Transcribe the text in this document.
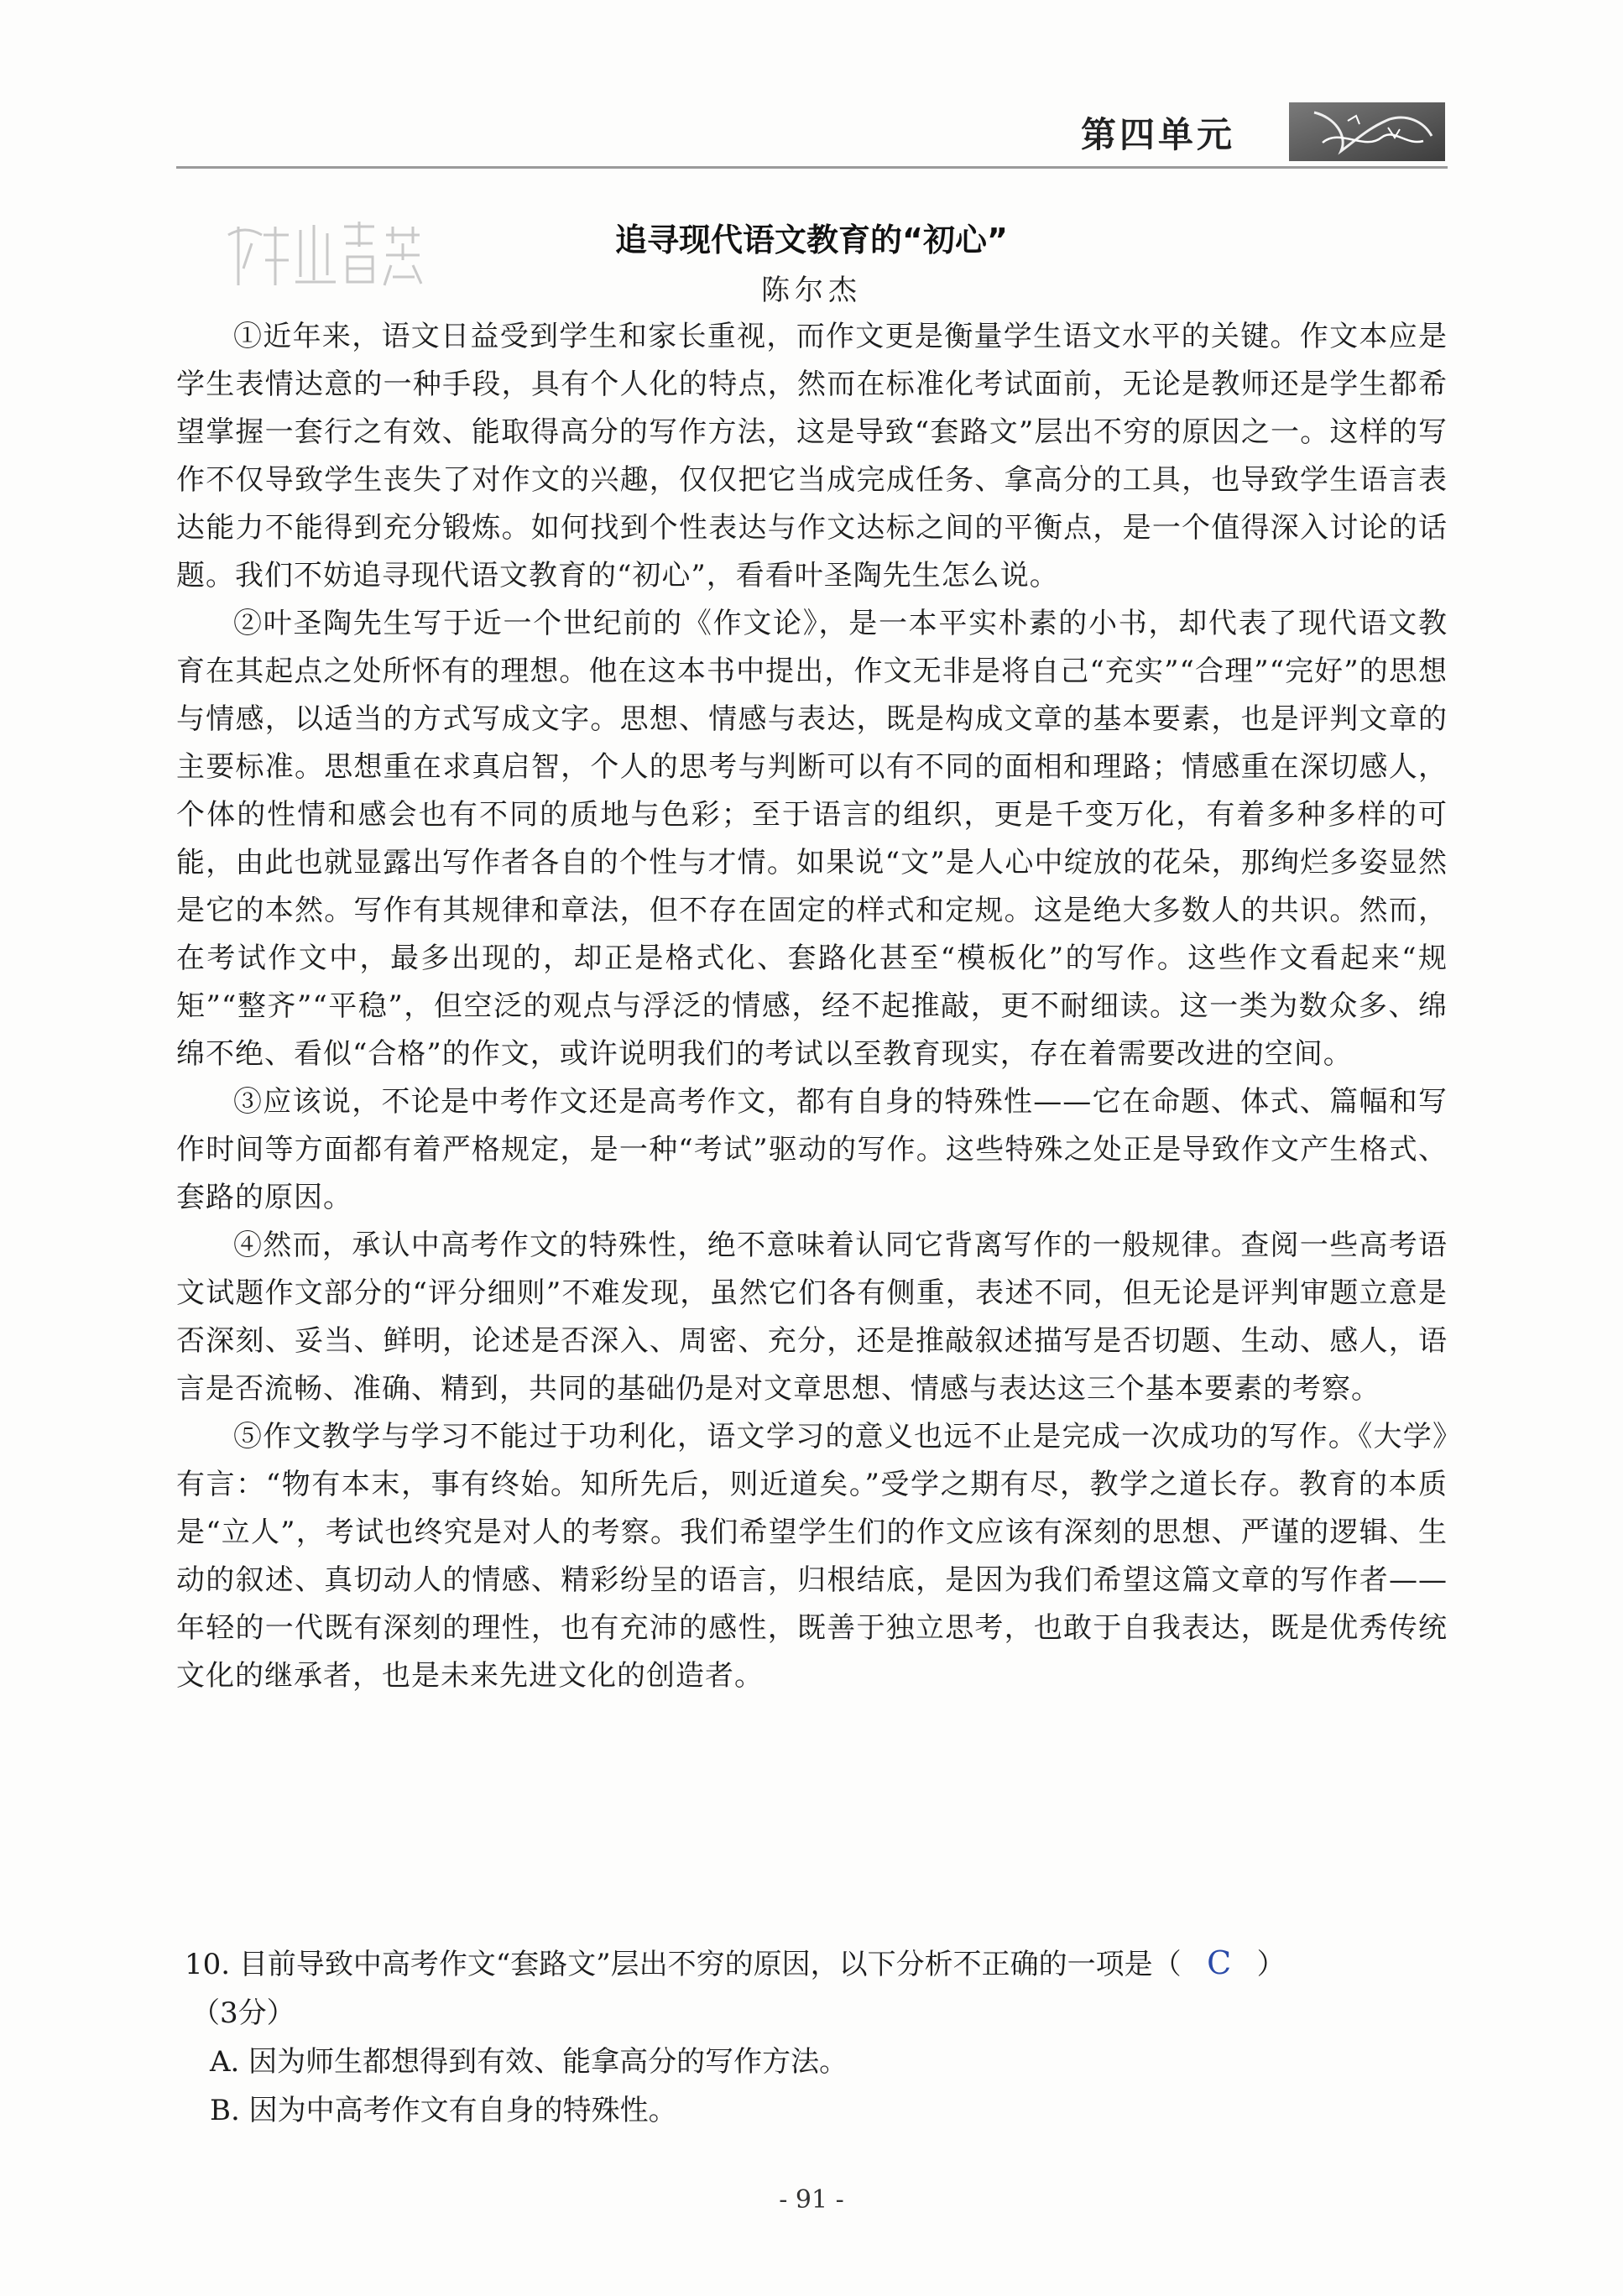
第四单元
追寻现代语文教育的“初心”
陈尔杰

①近年来，语文日益受到学生和家长重视，而作文更是衡量学生语文水平的关键。作文本应是学生表情达意的一种手段，具有个人化的特点，然而在标准化考试面前，无论是教师还是学生都希望掌握一套行之有效、能取得高分的写作方法，这是导致“套路文”层出不穷的原因之一。这样的写作不仅导致学生丧失了对作文的兴趣，仅仅把它当成完成任务、拿高分的工具，也导致学生语言表达能力不能得到充分锻炼。如何找到个性表达与作文达标之间的平衡点，是一个值得深入讨论的话题。我们不妨追寻现代语文教育的“初心”，看看叶圣陶先生怎么说。

②叶圣陶先生写于近一个世纪前的《作文论》，是一本平实朴素的小书，却代表了现代语文教育在其起点之处所怀有的理想。他在这本书中提出，作文无非是将自己“充实”“合理”“完好”的思想与情感，以适当的方式写成文字。思想、情感与表达，既是构成文章的基本要素，也是评判文章的主要标准。思想重在求真启智，个人的思考与判断可以有不同的面相和理路；情感重在深切感人，个体的性情和感会也有不同的质地与色彩；至于语言的组织，更是千变万化，有着多种多样的可能，由此也就显露出写作者各自的个性与才情。如果说“文”是人心中绽放的花朵，那绚烂多姿显然是它的本然。写作有其规律和章法，但不存在固定的样式和定规。这是绝大多数人的共识。然而，在考试作文中，最多出现的，却正是格式化、套路化甚至“模板化”的写作。这些作文看起来“规矩”“整齐”“平稳”，但空泛的观点与浮泛的情感，经不起推敲，更不耐细读。这一类为数众多、绵绵不绝、看似“合格”的作文，或许说明我们的考试以至教育现实，存在着需要改进的空间。

③应该说，不论是中考作文还是高考作文，都有自身的特殊性——它在命题、体式、篇幅和写作时间等方面都有着严格规定，是一种“考试”驱动的写作。这些特殊之处正是导致作文产生格式、套路的原因。

④然而，承认中高考作文的特殊性，绝不意味着认同它背离写作的一般规律。查阅一些高考语文试题作文部分的“评分细则”不难发现，虽然它们各有侧重，表述不同，但无论是评判审题立意是否深刻、妥当、鲜明，论述是否深入、周密、充分，还是推敲叙述描写是否切题、生动、感人，语言是否流畅、准确、精到，共同的基础仍是对文章思想、情感与表达这三个基本要素的考察。

⑤作文教学与学习不能过于功利化，语文学习的意义也远不止是完成一次成功的写作。《大学》有言：“物有本末，事有终始。知所先后，则近道矣。”受学之期有尽，教学之道长存。教育的本质是“立人”，考试也终究是对人的考察。我们希望学生们的作文应该有深刻的思想、严谨的逻辑、生动的叙述、真切动人的情感、精彩纷呈的语言，归根结底，是因为我们希望这篇文章的写作者——年轻的一代既有深刻的理性，也有充沛的感性，既善于独立思考，也敢于自我表达，既是优秀传统文化的继承者，也是未来先进文化的创造者。

10. 目前导致中高考作文“套路文”层出不穷的原因，以下分析不正确的一项是（ C ）
（3分）
A. 因为师生都想得到有效、能拿高分的写作方法。
B. 因为中高考作文有自身的特殊性。
- 91 -
